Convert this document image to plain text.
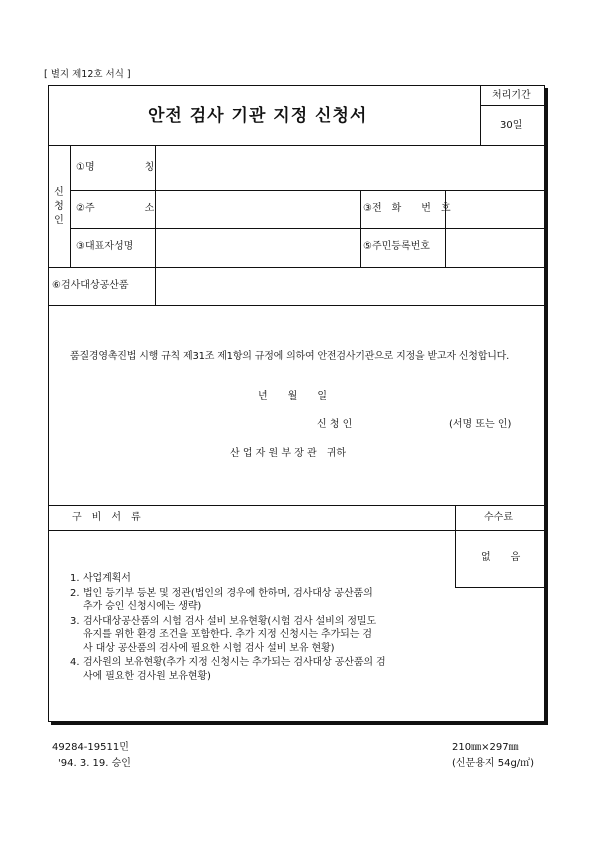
[ 별지 제12호 서식 ]
안전 검사 기관 지정 신청서
처리기간
30일
신
청
인
①명　　　　　칭
②주　　　　　소	③전　화　　번　호
③대표자성명	⑤주민등록번호
⑥검사대상공산품
품질경영촉진법 시행 규칙 제31조 제1항의 규정에 의하여 안전검사기관으로 지정을 받고자 신청합니다.
년　　월　　일
신 청 인	(서명 또는 인)
산 업 자 원 부 장 관　귀하
구　비　서　류	수수료
없　　음
1. 사업계획서
2. 법인 등기부 등본 및 정관(법인의 경우에 한하며, 검사대상 공산품의
추가 승인 신청시에는 생략)
3. 검사대상공산품의 시험 검사 설비 보유현황(시험 검사 설비의 정밀도
유지를 위한 환경 조건을 포함한다. 추가 지정 신청시는 추가되는 검
사 대상 공산품의 검사에 필요한 시험 검사 설비 보유 현황)
4. 검사원의 보유현황(추가 지정 신청시는 추가되는 검사대상 공산품의 검
사에 필요한 검사원 보유현황)
49284-19511민
'94. 3. 19. 승인
210㎜×297㎜
(신문용지 54g/㎡)
